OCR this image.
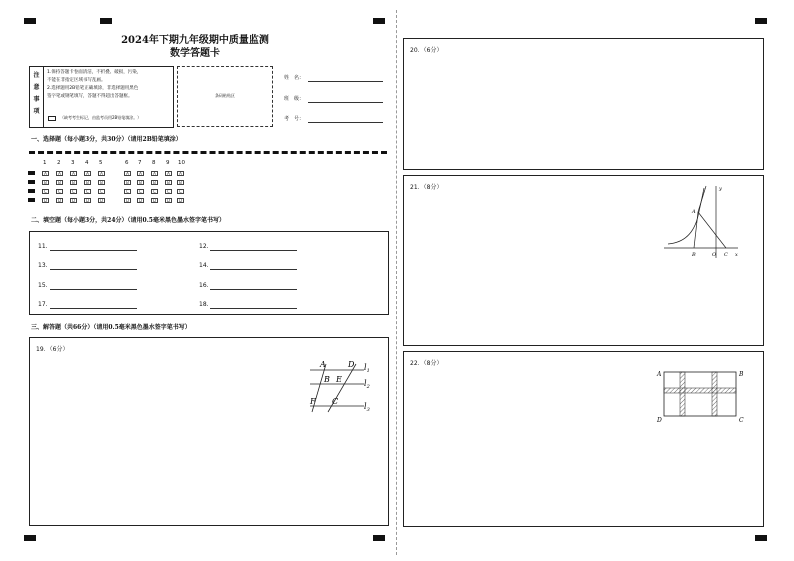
2024年下期九年级期中质量监测
数学答题卡
注
意
事
项
1.保持答题卡卷面清洁，不折叠、破损，污染，
不能在非指定区域书写乱画。
2.选择题用2B铅笔正确填涂，非选择题用黑色
签字笔或钢笔填写，答题不得超出答题框。
（缺考考生标记，由监考员用2B铅笔填涂。）
条码粘贴区
姓　名：
班　级：
考　号：
一、选择题（每小题3分，共30分）（请用2B铅笔填涂）
1 2 3 4 5	6 7 8 9 10
A	A	A	A	A	A	A	A	A	A
B	B	B	B	B	B	B	B	B	B
C	C	C	C	C	C	C	C	C	C
D	D	D	D	D	D	D	D	D	D
二、填空题（每小题3分，共24分）（请用0.5毫米黑色墨水签字笔书写）
11.	12.
13.	14.
15.	16.
17.	18.
三、解答题（共66分）（请用0.5毫米黑色墨水签字笔书写）
19．（6分）
A	D
B E
F C
$l_1$
$l_2$
$l_3$
20．（6分）
21．（8分）	y
x
A
B	O C
22．（8分）
A	B
D	C
